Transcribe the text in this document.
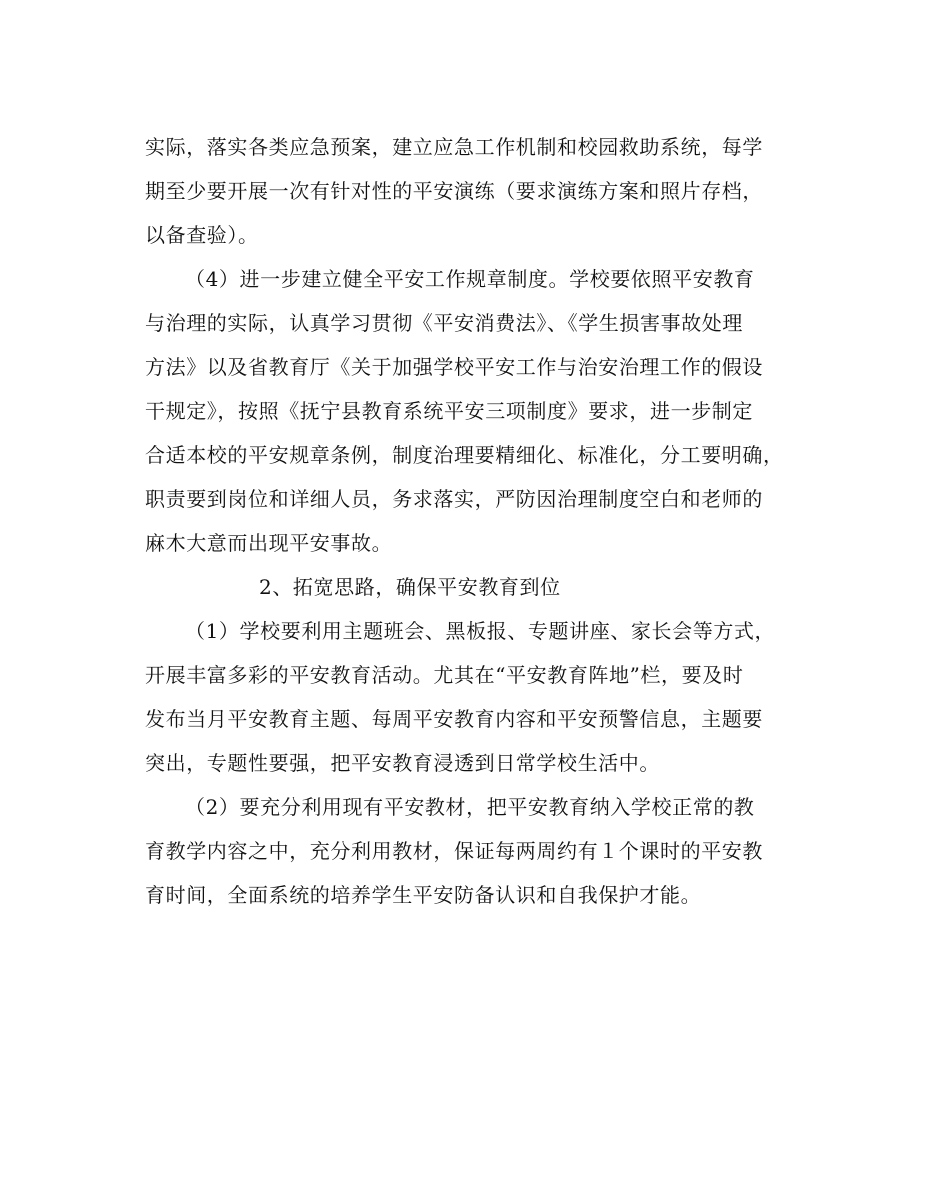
实际，落实各类应急预案，建立应急工作机制和校园救助系统，每学
期至少要开展一次有针对性的平安演练（要求演练方案和照片存档，
以备查验）。
（4）进一步建立健全平安工作规章制度。学校要依照平安教育
与治理的实际，认真学习贯彻《平安消费法》、《学生损害事故处理
方法》以及省教育厅《关于加强学校平安工作与治安治理工作的假设
干规定》，按照《抚宁县教育系统平安三项制度》要求，进一步制定
合适本校的平安规章条例，制度治理要精细化、标准化，分工要明确，
职责要到岗位和详细人员，务求落实，严防因治理制度空白和老师的
麻木大意而出现平安事故。
2、拓宽思路，确保平安教育到位
（1）学校要利用主题班会、黑板报、专题讲座、家长会等方式，
开展丰富多彩的平安教育活动。尤其在“平安教育阵地”栏，要及时
发布当月平安教育主题、每周平安教育内容和平安预警信息，主题要
突出，专题性要强，把平安教育浸透到日常学校生活中。
（2）要充分利用现有平安教材，把平安教育纳入学校正常的教
育教学内容之中，充分利用教材，保证每两周约有１个课时的平安教
育时间，全面系统的培养学生平安防备认识和自我保护才能。
